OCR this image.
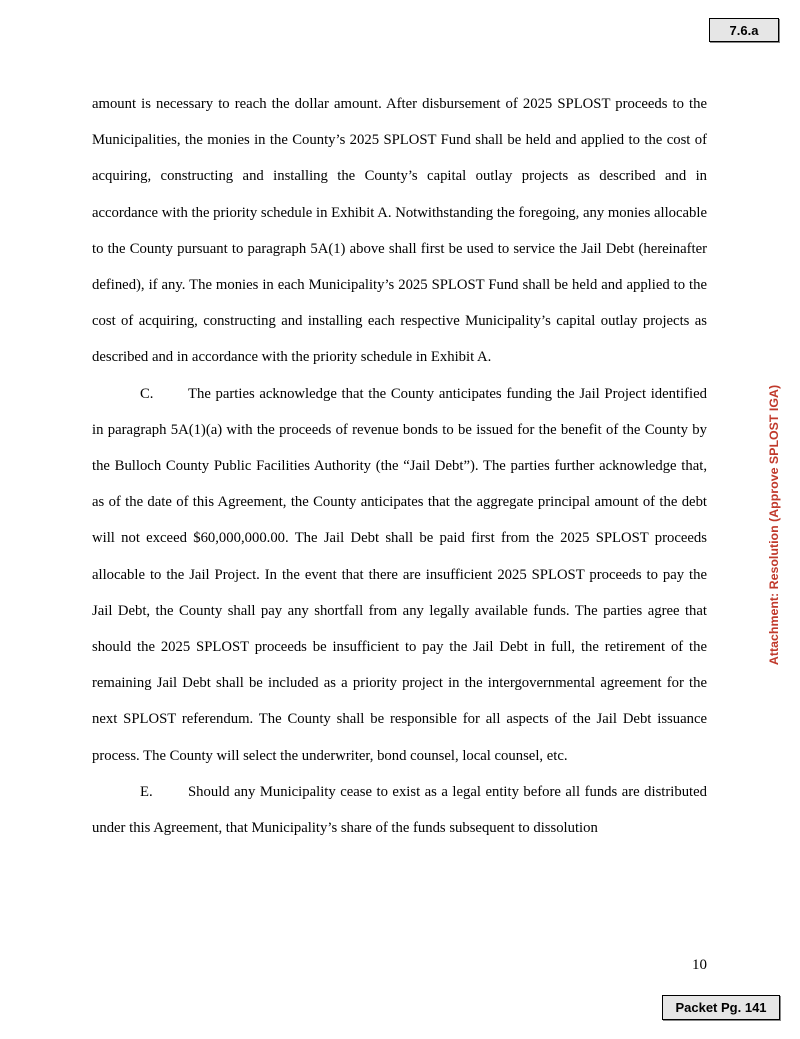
7.6.a
Attachment: Resolution (Approve SPLOST IGA)

amount is necessary to reach the dollar amount. After disbursement of 2025 SPLOST proceeds to the Municipalities, the monies in the County’s 2025 SPLOST Fund shall be held and applied to the cost of acquiring, constructing and installing the County’s capital outlay projects as described and in accordance with the priority schedule in Exhibit A. Notwithstanding the foregoing, any monies allocable to the County pursuant to paragraph 5A(1) above shall first be used to service the Jail Debt (hereinafter defined), if any. The monies in each Municipality’s 2025 SPLOST Fund shall be held and applied to the cost of acquiring, constructing and installing each respective Municipality’s capital outlay projects as described and in accordance with the priority schedule in Exhibit A.

C. The parties acknowledge that the County anticipates funding the Jail Project identified in paragraph 5A(1)(a) with the proceeds of revenue bonds to be issued for the benefit of the County by the Bulloch County Public Facilities Authority (the “Jail Debt”). The parties further acknowledge that, as of the date of this Agreement, the County anticipates that the aggregate principal amount of the debt will not exceed $60,000,000.00. The Jail Debt shall be paid first from the 2025 SPLOST proceeds allocable to the Jail Project. In the event that there are insufficient 2025 SPLOST proceeds to pay the Jail Debt, the County shall pay any shortfall from any legally available funds. The parties agree that should the 2025 SPLOST proceeds be insufficient to pay the Jail Debt in full, the retirement of the remaining Jail Debt shall be included as a priority project in the intergovernmental agreement for the next SPLOST referendum. The County shall be responsible for all aspects of the Jail Debt issuance process. The County will select the underwriter, bond counsel, local counsel, etc.

E. Should any Municipality cease to exist as a legal entity before all funds are distributed under this Agreement, that Municipality’s share of the funds subsequent to dissolution

10
Packet Pg. 141
